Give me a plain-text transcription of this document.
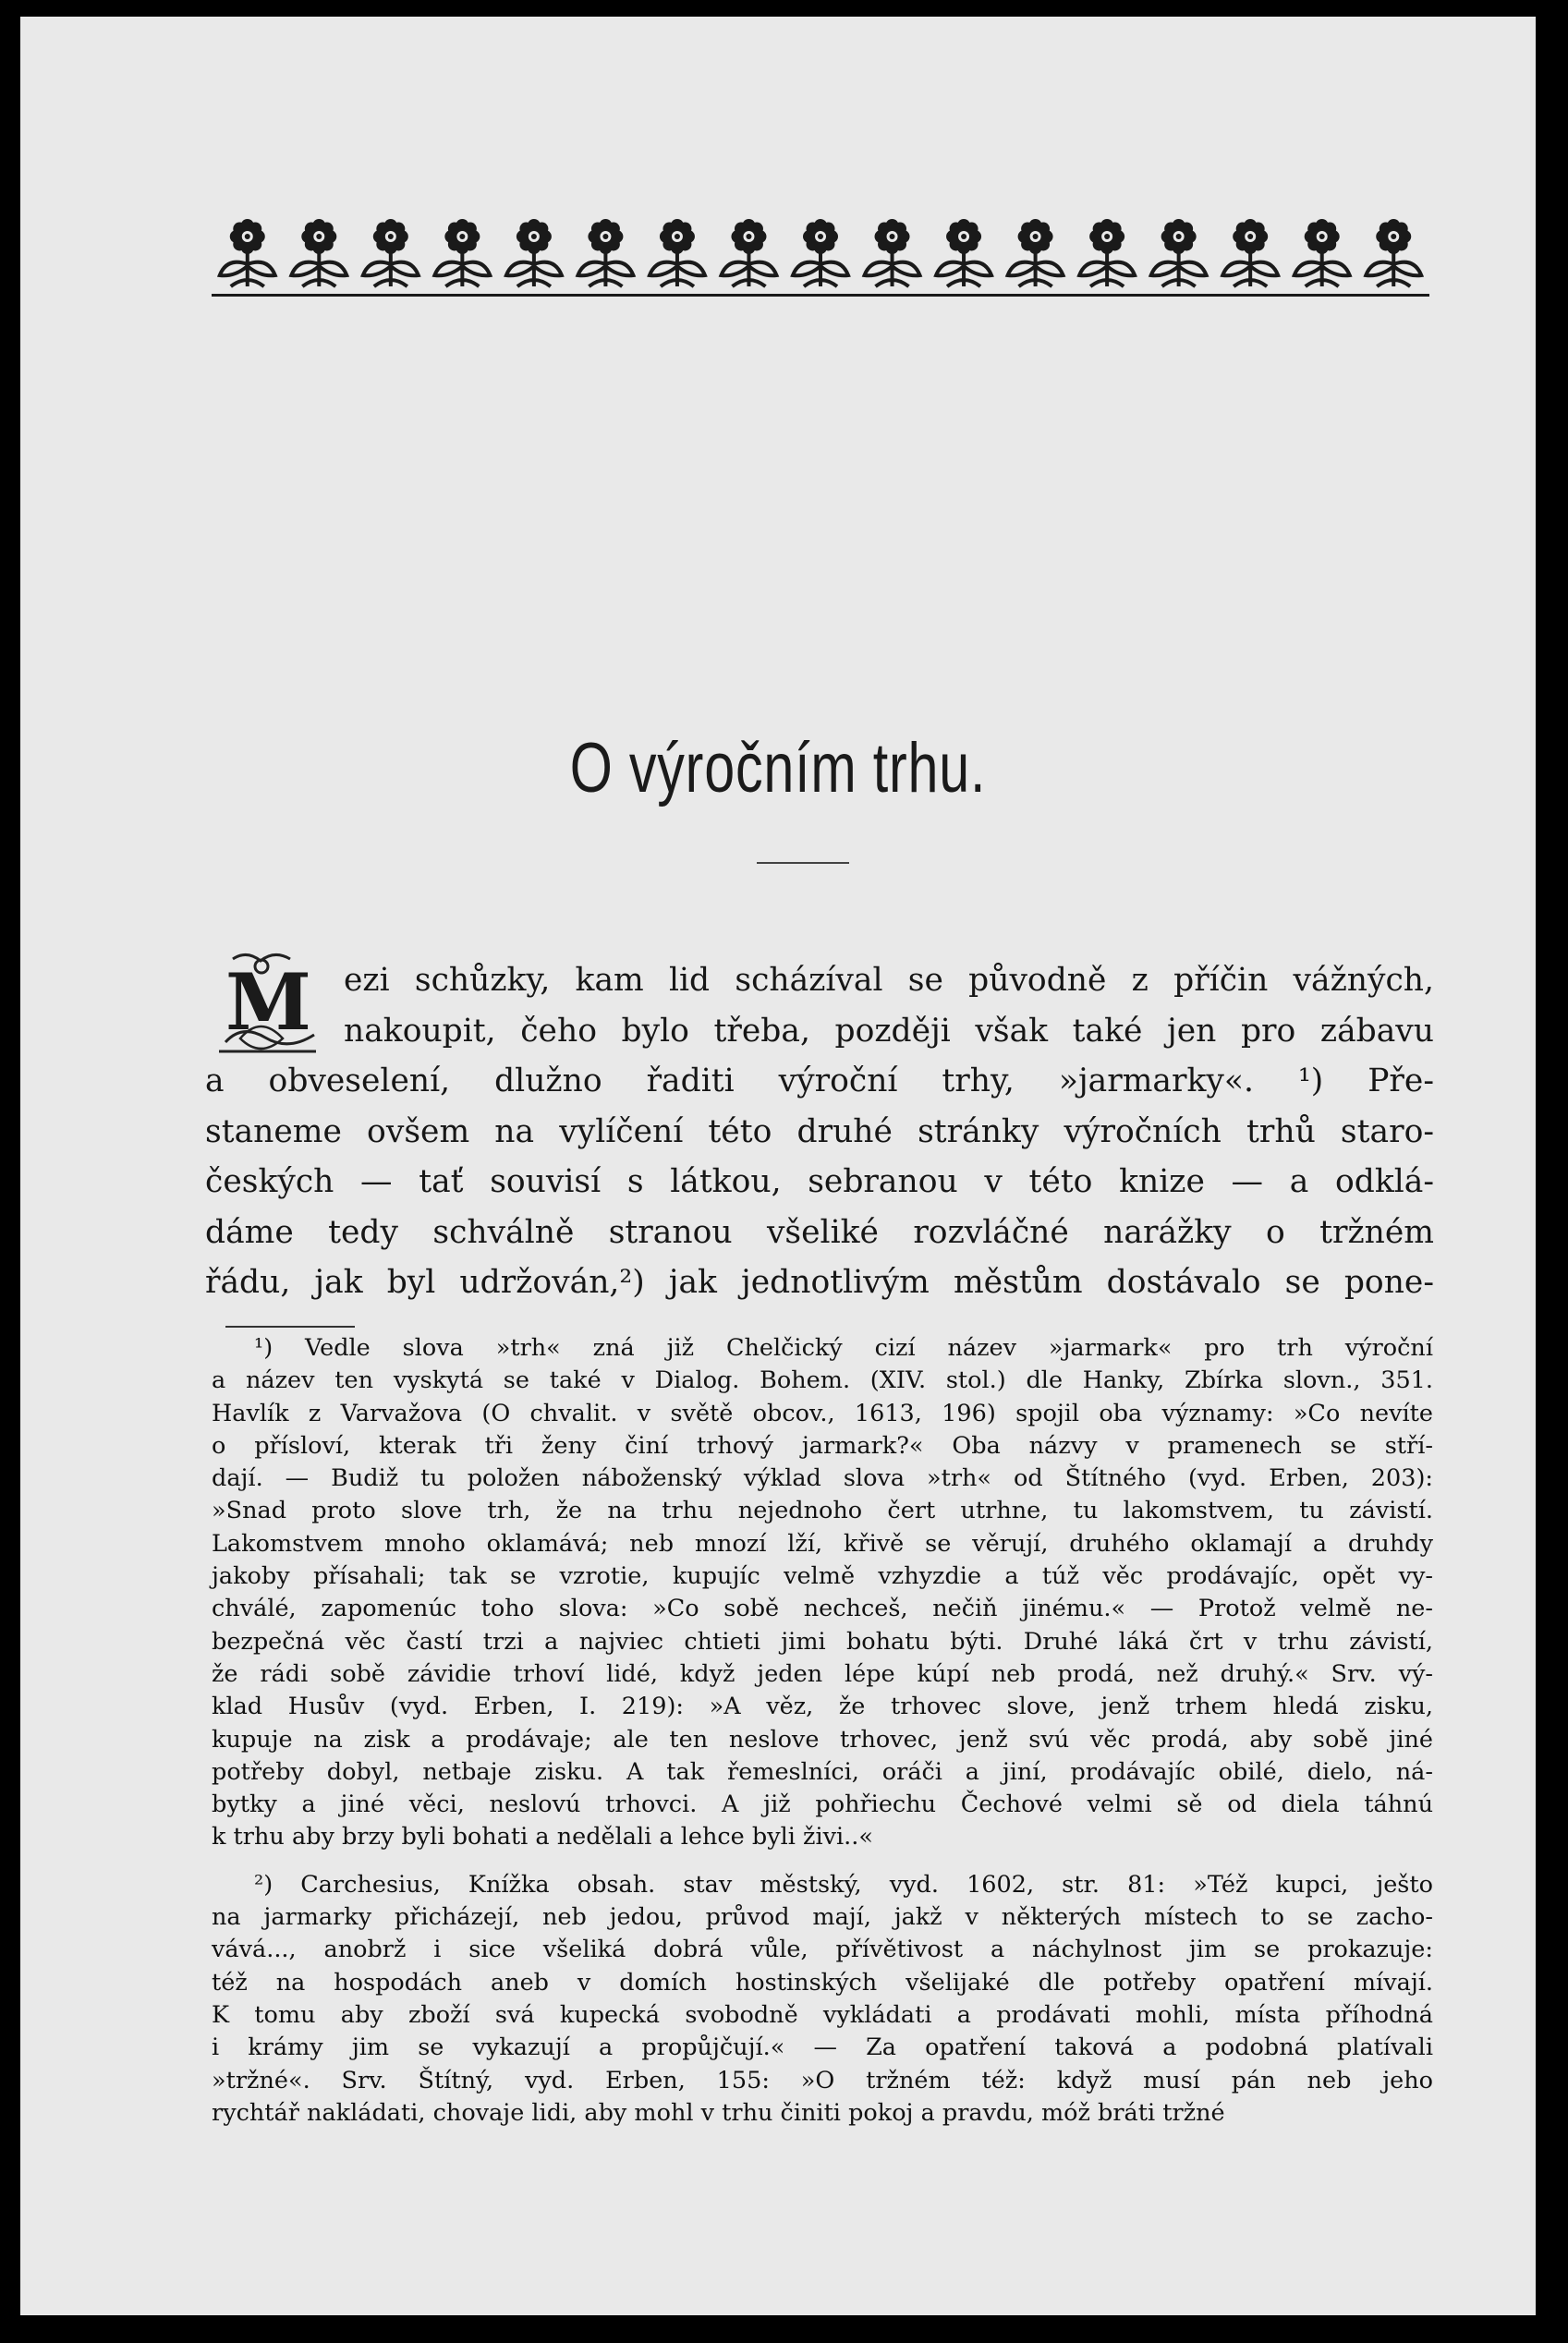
O výročním trhu.
M	ezi schůzky, kam lid scházíval se původně z příčin vážných,
nakoupit, čeho bylo třeba, později však také jen pro zábavu
a obveselení, dlužno řaditi výroční trhy, »jarmarky«. ¹) Pře-
staneme ovšem na vylíčení této druhé stránky výročních trhů staro-
českých — tať souvisí s látkou, sebranou v této knize — a odklá-
dáme tedy schválně stranou všeliké rozvláčné narážky o tržném
řádu, jak byl udržován,²) jak jednotlivým městům dostávalo se pone-
¹) Vedle slova »trh« zná již Chelčický cizí název »jarmark« pro trh výroční
a název ten vyskytá se také v Dialog. Bohem. (XIV. stol.) dle Hanky, Zbírka slovn., 351.
Havlík z Varvažova (O chvalit. v světě obcov., 1613, 196) spojil oba významy: »Co nevíte
o přísloví, kterak tři ženy činí trhový jarmark?« Oba názvy v pramenech se stří-
dají. — Budiž tu položen náboženský výklad slova »trh« od Štítného (vyd. Erben, 203):
»Snad proto slove trh, že na trhu nejednoho čert utrhne, tu lakomstvem, tu závistí.
Lakomstvem mnoho oklamává; neb mnozí lží, křivě se věrují, druhého oklamají a druhdy
jakoby přísahali; tak se vzrotie, kupujíc velmě vzhyzdie a túž věc prodávajíc, opět vy-
chválé, zapomenúc toho slova: »Co sobě nechceš, nečiň jinému.« — Protož velmě ne-
bezpečná věc častí trzi a najviec chtieti jimi bohatu býti. Druhé láká črt v trhu závistí,
že rádi sobě závidie trhoví lidé, když jeden lépe kúpí neb prodá, než druhý.« Srv. vý-
klad Husův (vyd. Erben, I. 219): »A věz, že trhovec slove, jenž trhem hledá zisku,
kupuje na zisk a prodávaje; ale ten neslove trhovec, jenž svú věc prodá, aby sobě jiné
potřeby dobyl, netbaje zisku. A tak řemeslníci, oráči a jiní, prodávajíc obilé, dielo, ná-
bytky a jiné věci, neslovú trhovci. A již pohřiechu Čechové velmi sě od diela táhnú
k trhu aby brzy byli bohati a nedělali a lehce byli živi..«
²) Carchesius, Knížka obsah. stav městský, vyd. 1602, str. 81: »Též kupci, ješto
na jarmarky přicházejí, neb jedou, průvod mají, jakž v některých místech to se zacho-
vává..., anobrž i sice všeliká dobrá vůle, přívětivost a náchylnost jim se prokazuje:
též na hospodách aneb v domích hostinských všelijaké dle potřeby opatření mívají.
K tomu aby zboží svá kupecká svobodně vykládati a prodávati mohli, místa příhodná
i krámy jim se vykazují a propůjčují.« — Za opatření taková a podobná platívali
»tržné«. Srv. Štítný, vyd. Erben, 155: »O tržném též: když musí pán neb jeho
rychtář nakládati, chovaje lidi, aby mohl v trhu činiti pokoj a pravdu, móž bráti tržné
